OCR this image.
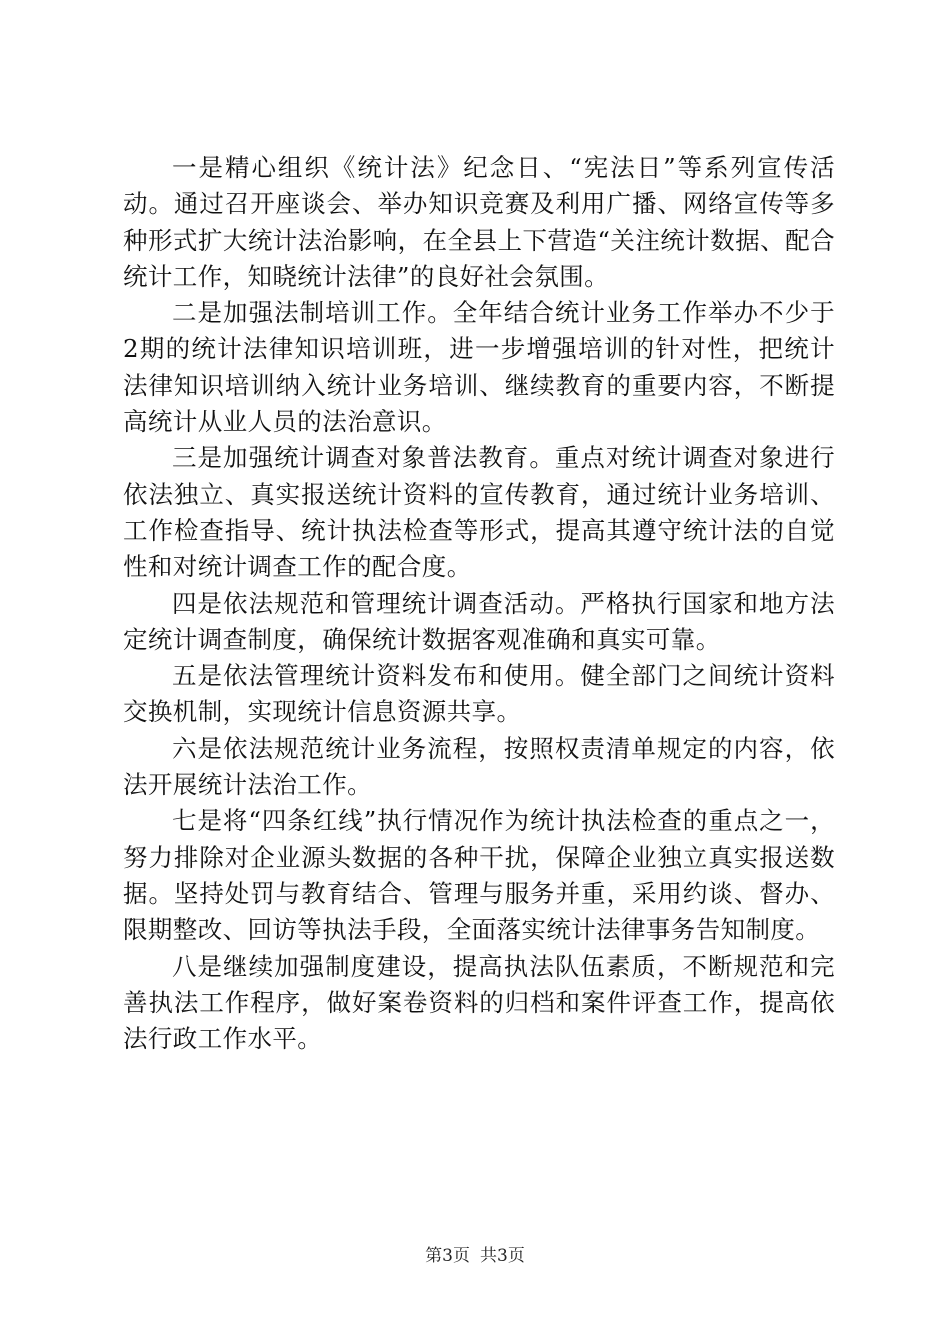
一是精心组织《统计法》纪念日、“宪法日”等系列宣传活动。通过召开座谈会、举办知识竞赛及利用广播、网络宣传等多种形式扩大统计法治影响，在全县上下营造“关注统计数据、配合统计工作，知晓统计法律”的良好社会氛围。

二是加强法制培训工作。全年结合统计业务工作举办不少于2期的统计法律知识培训班，进一步增强培训的针对性，把统计法律知识培训纳入统计业务培训、继续教育的重要内容，不断提高统计从业人员的法治意识。

三是加强统计调查对象普法教育。重点对统计调查对象进行依法独立、真实报送统计资料的宣传教育，通过统计业务培训、工作检查指导、统计执法检查等形式，提高其遵守统计法的自觉性和对统计调查工作的配合度。

四是依法规范和管理统计调查活动。严格执行国家和地方法定统计调查制度，确保统计数据客观准确和真实可靠。

五是依法管理统计资料发布和使用。健全部门之间统计资料交换机制，实现统计信息资源共享。

六是依法规范统计业务流程，按照权责清单规定的内容，依法开展统计法治工作。

七是将“四条红线”执行情况作为统计执法检查的重点之一，努力排除对企业源头数据的各种干扰，保障企业独立真实报送数据。坚持处罚与教育结合、管理与服务并重，采用约谈、督办、限期整改、回访等执法手段，全面落实统计法律事务告知制度。

八是继续加强制度建设，提高执法队伍素质，不断规范和完善执法工作程序，做好案卷资料的归档和案件评查工作，提高依法行政工作水平。

第3页 共3页
